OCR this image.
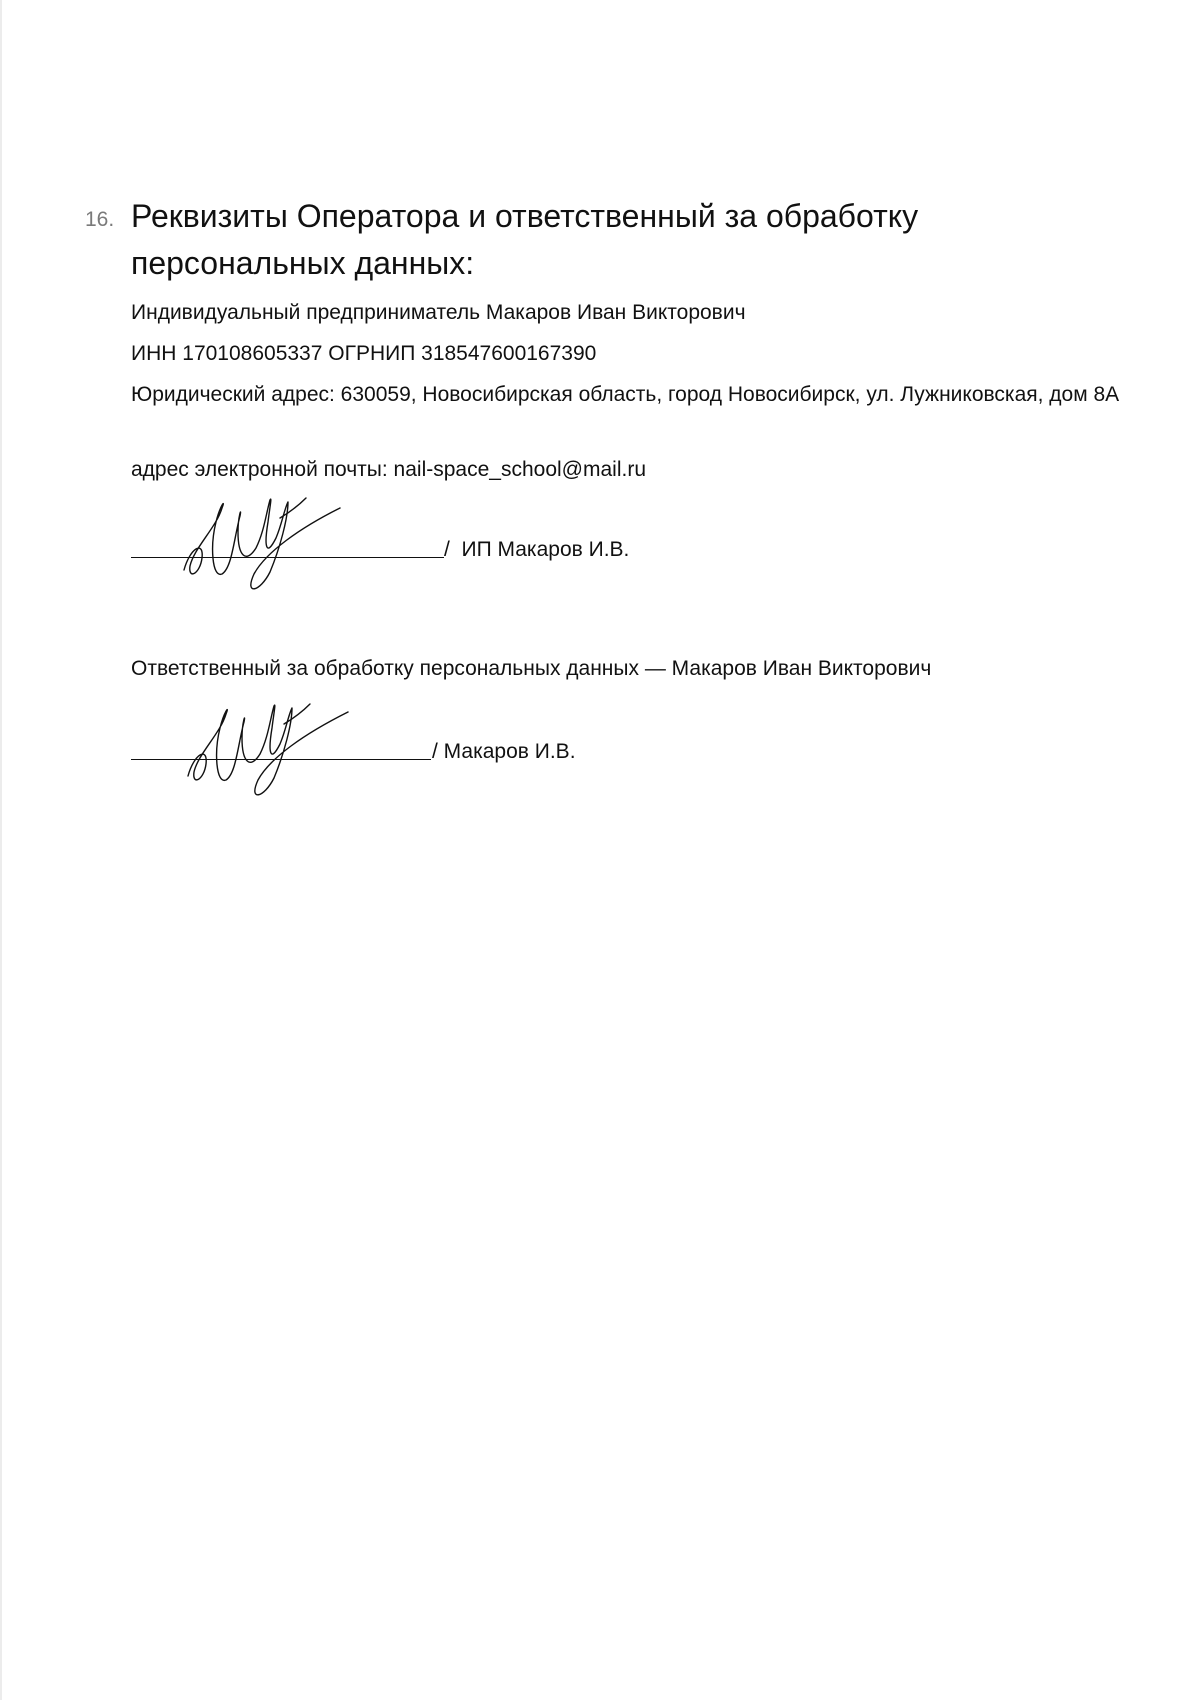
16. Реквизиты Оператора и ответственный за обработку персональных данных:
Индивидуальный предприниматель Макаров Иван Викторович
ИНН 170108605337 ОГРНИП 318547600167390
Юридический адрес: 630059, Новосибирская область, город Новосибирск, ул. Лужниковская, дом 8А
адрес электронной почты: nail-space_school@mail.ru
/  ИП Макаров И.В.
Ответственный за обработку персональных данных — Макаров Иван Викторович
/ Макаров И.В.
